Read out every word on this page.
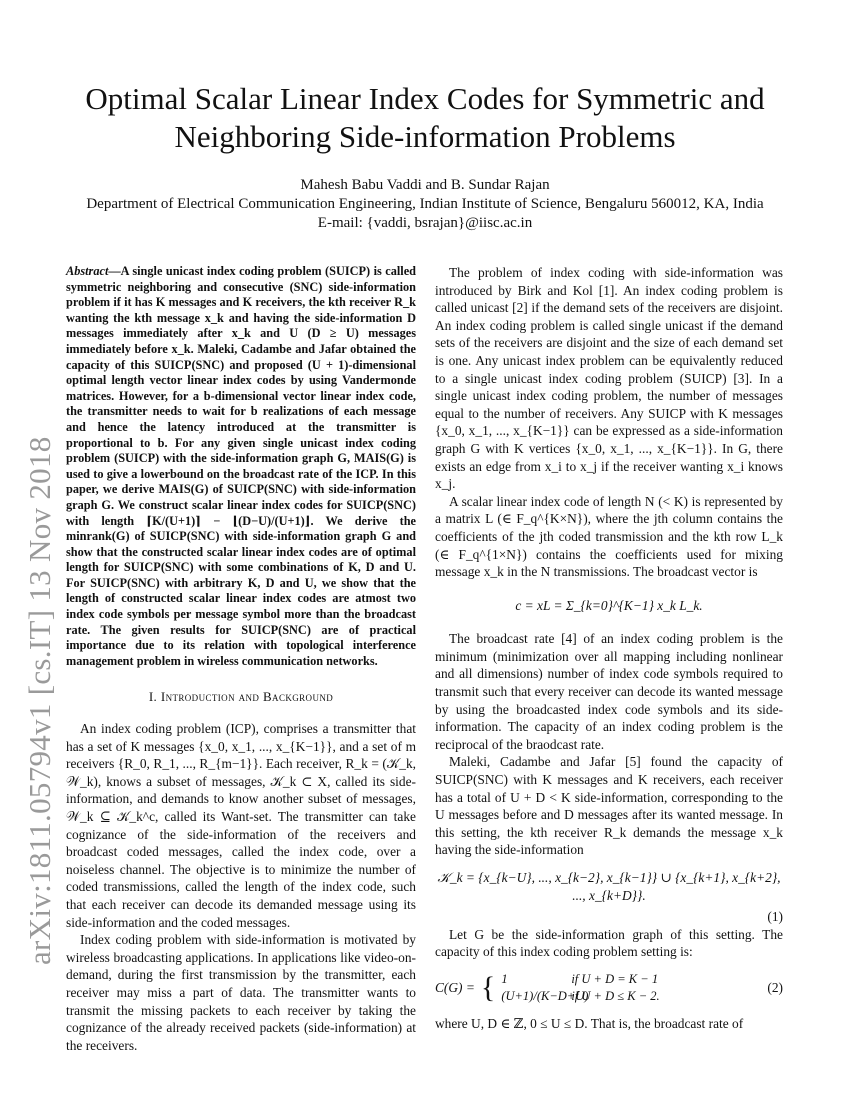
Optimal Scalar Linear Index Codes for Symmetric and Neighboring Side-information Problems
Mahesh Babu Vaddi and B. Sundar Rajan
Department of Electrical Communication Engineering, Indian Institute of Science, Bengaluru 560012, KA, India
E-mail: {vaddi, bsrajan}@iisc.ac.in
arXiv:1811.05794v1 [cs.IT] 13 Nov 2018

Abstract—A single unicast index coding problem (SUICP) is called symmetric neighboring and consecutive (SNC) side-information problem if it has K messages and K receivers, the kth receiver R_k wanting the kth message x_k and having the side-information D messages immediately after x_k and U (D ≥ U) messages immediately before x_k. Maleki, Cadambe and Jafar obtained the capacity of this SUICP(SNC) and proposed (U + 1)-dimensional optimal length vector linear index codes by using Vandermonde matrices. However, for a b-dimensional vector linear index code, the transmitter needs to wait for b realizations of each message and hence the latency introduced at the transmitter is proportional to b. For any given single unicast index coding problem (SUICP) with the side-information graph G, MAIS(G) is used to give a lowerbound on the broadcast rate of the ICP. In this paper, we derive MAIS(G) of SUICP(SNC) with side-information graph G. We construct scalar linear index codes for SUICP(SNC) with length ⌈K/(U+1)⌉ − ⌊(D−U)/(U+1)⌋. We derive the minrank(G) of SUICP(SNC) with side-information graph G and show that the constructed scalar linear index codes are of optimal length for SUICP(SNC) with some combinations of K, D and U. For SUICP(SNC) with arbitrary K, D and U, we show that the length of constructed scalar linear index codes are atmost two index code symbols per message symbol more than the broadcast rate. The given results for SUICP(SNC) are of practical importance due to its relation with topological interference management problem in wireless communication networks.

I. Introduction and Background

An index coding problem (ICP), comprises a transmitter that has a set of K messages {x_0, x_1, ..., x_{K−1}}, and a set of m receivers {R_0, R_1, ..., R_{m−1}}. Each receiver, R_k = (𝒦_k, 𝒲_k), knows a subset of messages, 𝒦_k ⊂ X, called its side-information, and demands to know another subset of messages, 𝒲_k ⊆ 𝒦_k^c, called its Want-set. The transmitter can take cognizance of the side-information of the receivers and broadcast coded messages, called the index code, over a noiseless channel. The objective is to minimize the number of coded transmissions, called the length of the index code, such that each receiver can decode its demanded message using its side-information and the coded messages.

Index coding problem with side-information is motivated by wireless broadcasting applications. In applications like video-on-demand, during the first transmission by the transmitter, each receiver may miss a part of data. The transmitter wants to transmit the missing packets to each receiver by taking the cognizance of the already received packets (side-information) at the receivers.

The problem of index coding with side-information was introduced by Birk and Kol [1]. An index coding problem is called unicast [2] if the demand sets of the receivers are disjoint. An index coding problem is called single unicast if the demand sets of the receivers are disjoint and the size of each demand set is one. Any unicast index problem can be equivalently reduced to a single unicast index coding problem (SUICP) [3]. In a single unicast index coding problem, the number of messages equal to the number of receivers. Any SUICP with K messages {x_0, x_1, ..., x_{K−1}} can be expressed as a side-information graph G with K vertices {x_0, x_1, ..., x_{K−1}}. In G, there exists an edge from x_i to x_j if the receiver wanting x_i knows x_j.

A scalar linear index code of length N (< K) is represented by a matrix L (∈ F_q^{K×N}), where the jth column contains the coefficients of the jth coded transmission and the kth row L_k (∈ F_q^{1×N}) contains the coefficients used for mixing message x_k in the N transmissions. The broadcast vector is

c = xL = Σ_{k=0}^{K−1} x_k L_k.

The broadcast rate [4] of an index coding problem is the minimum (minimization over all mapping including nonlinear and all dimensions) number of index code symbols required to transmit such that every receiver can decode its wanted message by using the broadcasted index code symbols and its side-information. The capacity of an index coding problem is the reciprocal of the braodcast rate.

Maleki, Cadambe and Jafar [5] found the capacity of SUICP(SNC) with K messages and K receivers, each receiver has a total of U + D < K side-information, corresponding to the U messages before and D messages after its wanted message. In this setting, the kth receiver R_k demands the message x_k having the side-information

𝒦_k = {x_{k−U}, ..., x_{k−2}, x_{k−1}} ∪ {x_{k+1}, x_{k+2}, ..., x_{k+D}}.
(1)

Let G be the side-information graph of this setting. The capacity of this index coding problem setting is:

C(G) = { 1	if U + D = K − 1
(U+1)/(K−D+U)if U + D ≤ K − 2.
(2)

where U, D ∈ ℤ, 0 ≤ U ≤ D. That is, the broadcast rate of
